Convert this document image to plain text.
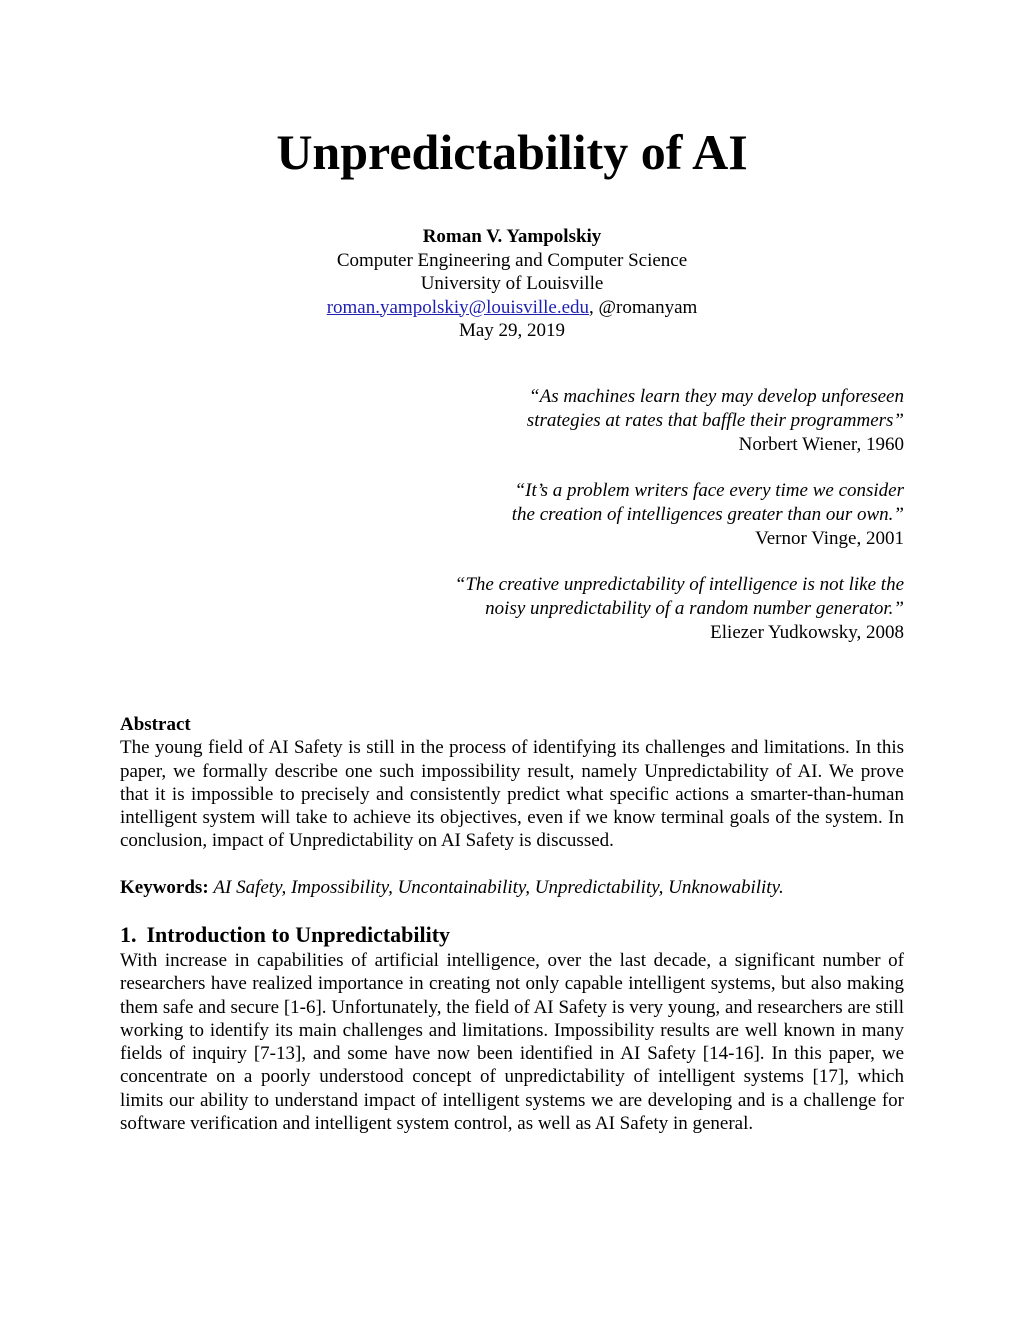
Unpredictability of AI
Roman V. Yampolskiy
Computer Engineering and Computer Science
University of Louisville
roman.yampolskiy@louisville.edu, @romanyam
May 29, 2019
“As machines learn they may develop unforeseen
strategies at rates that baffle their programmers”
Norbert Wiener, 1960
“It’s a problem writers face every time we consider
the creation of intelligences greater than our own.”
Vernor Vinge, 2001
“The creative unpredictability of intelligence is not like the
noisy unpredictability of a random number generator.”
Eliezer Yudkowsky, 2008
Abstract
The young field of AI Safety is still in the process of identifying its challenges and limitations. In this paper, we formally describe one such impossibility result, namely Unpredictability of AI. We prove that it is impossible to precisely and consistently predict what specific actions a smarter-than-human intelligent system will take to achieve its objectives, even if we know terminal goals of the system. In conclusion, impact of Unpredictability on AI Safety is discussed.
Keywords: AI Safety, Impossibility, Uncontainability, Unpredictability, Unknowability.
1. Introduction to Unpredictability
With increase in capabilities of artificial intelligence, over the last decade, a significant number of researchers have realized importance in creating not only capable intelligent systems, but also making them safe and secure [1-6]. Unfortunately, the field of AI Safety is very young, and researchers are still working to identify its main challenges and limitations. Impossibility results are well known in many fields of inquiry [7-13], and some have now been identified in AI Safety [14-16]. In this paper, we concentrate on a poorly understood concept of unpredictability of intelligent systems [17], which limits our ability to understand impact of intelligent systems we are developing and is a challenge for software verification and intelligent system control, as well as AI Safety in general.
